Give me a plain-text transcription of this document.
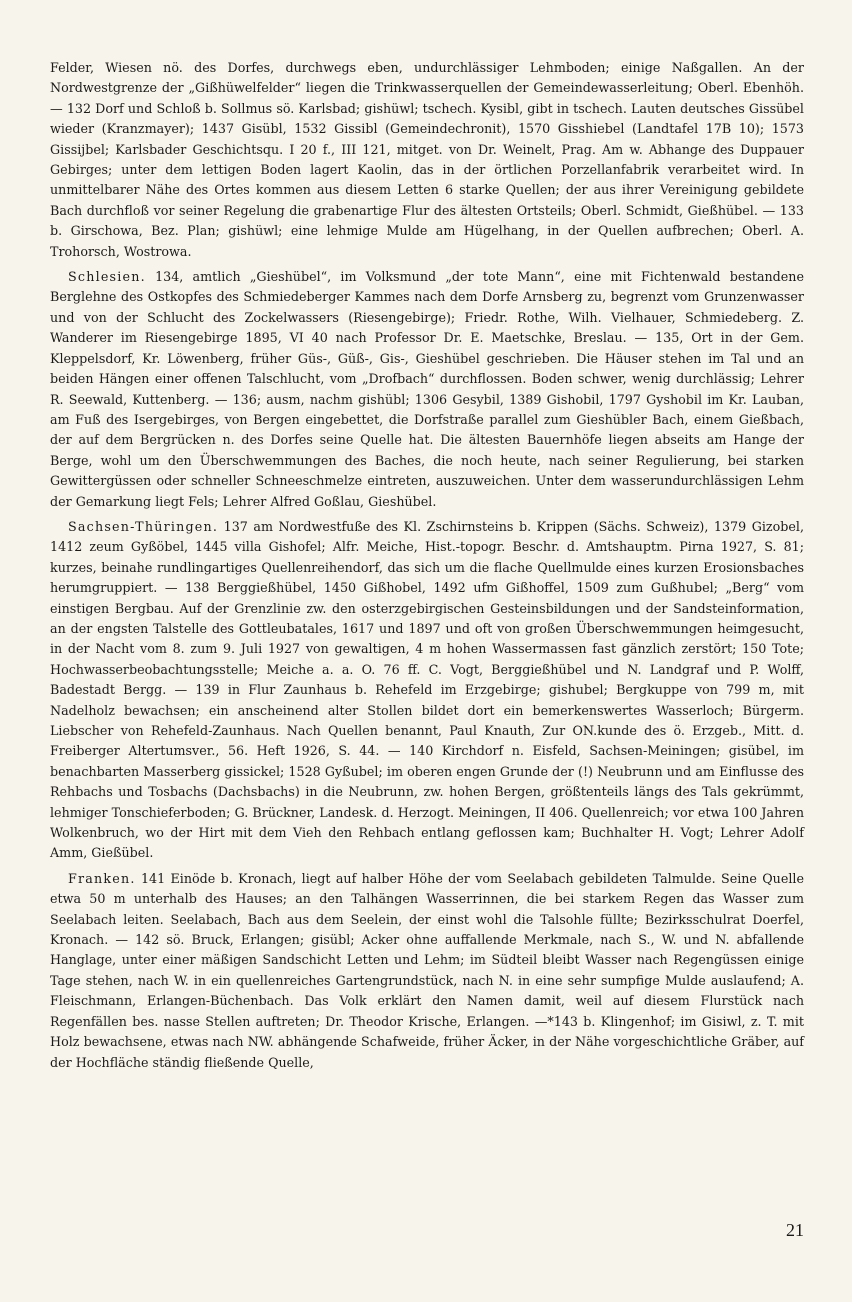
Felder, Wiesen nö. des Dorfes, durchwegs eben, undurchlässiger Lehmboden; einige Naßgallen. An der Nordwestgrenze der „Gißhüwelfelder“ liegen die Trinkwasserquellen der Gemeindewasserleitung; Oberl. Ebenhöh. — 132 Dorf und Schloß b. Sollmus sö. Karlsbad; gishüwl; tschech. Kysibl, gibt in tschech. Lauten deutsches Gissübel wieder (Kranzmayer); 1437 Gisübl, 1532 Gissibl (Gemeindechronit), 1570 Gisshiebel (Landtafel 17B 10); 1573 Gissijbel; Karlsbader Geschichtsqu. I 20 f., III 121, mitget. von Dr. Weinelt, Prag. Am w. Abhange des Duppauer Gebirges; unter dem lettigen Boden lagert Kaolin, das in der örtlichen Porzellanfabrik verarbeitet wird. In unmittelbarer Nähe des Ortes kommen aus diesem Letten 6 starke Quellen; der aus ihrer Vereinigung gebildete Bach durchfloß vor seiner Regelung die grabenartige Flur des ältesten Ortsteils; Oberl. Schmidt, Gießhübel. — 133 b. Girschowa, Bez. Plan; gishüwl; eine lehmige Mulde am Hügelhang, in der Quellen aufbrechen; Oberl. A. Trohorsch, Wostrowa.

Schlesien. 134, amtlich „Gieshübel“, im Volksmund „der tote Mann“, eine mit Fichtenwald bestandene Berglehne des Ostkopfes des Schmiedeberger Kammes nach dem Dorfe Arnsberg zu, begrenzt vom Grunzenwasser und von der Schlucht des Zockelwassers (Riesengebirge); Friedr. Rothe, Wilh. Vielhauer, Schmiedeberg. Z. Wanderer im Riesengebirge 1895, VI 40 nach Professor Dr. E. Maetschke, Breslau. — 135, Ort in der Gem. Kleppelsdorf, Kr. Löwenberg, früher Güs-, Güß-, Gis-, Gieshübel geschrieben. Die Häuser stehen im Tal und an beiden Hängen einer offenen Talschlucht, vom „Drofbach“ durchflossen. Boden schwer, wenig durchlässig; Lehrer R. Seewald, Kuttenberg. — 136; ausm, nachm gishübl; 1306 Gesybil, 1389 Gishobil, 1797 Gyshobil im Kr. Lauban, am Fuß des Isergebirges, von Bergen eingebettet, die Dorfstraße parallel zum Gieshübler Bach, einem Gießbach, der auf dem Bergrücken n. des Dorfes seine Quelle hat. Die ältesten Bauernhöfe liegen abseits am Hange der Berge, wohl um den Überschwemmungen des Baches, die noch heute, nach seiner Regulierung, bei starken Gewittergüssen oder schneller Schneeschmelze eintreten, auszuweichen. Unter dem wasserundurchlässigen Lehm der Gemarkung liegt Fels; Lehrer Alfred Goßlau, Gieshübel.

Sachsen-Thüringen. 137 am Nordwestfuße des Kl. Zschirnsteins b. Krippen (Sächs. Schweiz), 1379 Gizobel, 1412 zeum Gyßöbel, 1445 villa Gishofel; Alfr. Meiche, Hist.-topogr. Beschr. d. Amtshauptm. Pirna 1927, S. 81; kurzes, beinahe rundlingartiges Quellenreihendorf, das sich um die flache Quellmulde eines kurzen Erosionsbaches herumgruppiert. — 138 Berggießhübel, 1450 Gißhobel, 1492 ufm Gißhoffel, 1509 zum Gußhubel; „Berg“ vom einstigen Bergbau. Auf der Grenzlinie zw. den osterzgebirgischen Gesteinsbildungen und der Sandsteinformation, an der engsten Talstelle des Gottleubatales, 1617 und 1897 und oft von großen Überschwemmungen heimgesucht, in der Nacht vom 8. zum 9. Juli 1927 von gewaltigen, 4 m hohen Wassermassen fast gänzlich zerstört; 150 Tote; Hochwasserbeobachtungsstelle; Meiche a. a. O. 76 ff. C. Vogt, Berggießhübel und N. Landgraf und P. Wolff, Badestadt Bergg. — 139 in Flur Zaunhaus b. Rehefeld im Erzgebirge; gishubel; Bergkuppe von 799 m, mit Nadelholz bewachsen; ein anscheinend alter Stollen bildet dort ein bemerkenswertes Wasserloch; Bürgerm. Liebscher von Rehefeld-Zaunhaus. Nach Quellen benannt, Paul Knauth, Zur ON.kunde des ö. Erzgeb., Mitt. d. Freiberger Altertumsver., 56. Heft 1926, S. 44. — 140 Kirchdorf n. Eisfeld, Sachsen-Meiningen; gisübel, im benachbarten Masserberg gissickel; 1528 Gyßubel; im oberen engen Grunde der (!) Neubrunn und am Einflusse des Rehbachs und Tosbachs (Dachsbachs) in die Neubrunn, zw. hohen Bergen, größtenteils längs des Tals gekrümmt, lehmiger Tonschieferboden; G. Brückner, Landesk. d. Herzogt. Meiningen, II 406. Quellenreich; vor etwa 100 Jahren Wolkenbruch, wo der Hirt mit dem Vieh den Rehbach entlang geflossen kam; Buchhalter H. Vogt; Lehrer Adolf Amm, Gießübel.

Franken. 141 Einöde b. Kronach, liegt auf halber Höhe der vom Seelabach gebildeten Talmulde. Seine Quelle etwa 50 m unterhalb des Hauses; an den Talhängen Wasserrinnen, die bei starkem Regen das Wasser zum Seelabach leiten. Seelabach, Bach aus dem Seelein, der einst wohl die Talsohle füllte; Bezirksschulrat Doerfel, Kronach. — 142 sö. Bruck, Erlangen; gisübl; Acker ohne auffallende Merkmale, nach S., W. und N. abfallende Hanglage, unter einer mäßigen Sandschicht Letten und Lehm; im Südteil bleibt Wasser nach Regengüssen einige Tage stehen, nach W. in ein quellenreiches Gartengrundstück, nach N. in eine sehr sumpfige Mulde auslaufend; A. Fleischmann, Erlangen-Büchenbach. Das Volk erklärt den Namen damit, weil auf diesem Flurstück nach Regenfällen bes. nasse Stellen auftreten; Dr. Theodor Krische, Erlangen. —*143 b. Klingenhof; im Gisiwl, z. T. mit Holz bewachsene, etwas nach NW. abhängende Schafweide, früher Äcker, in der Nähe vorgeschichtliche Gräber, auf der Hochfläche ständig fließende Quelle,

21
